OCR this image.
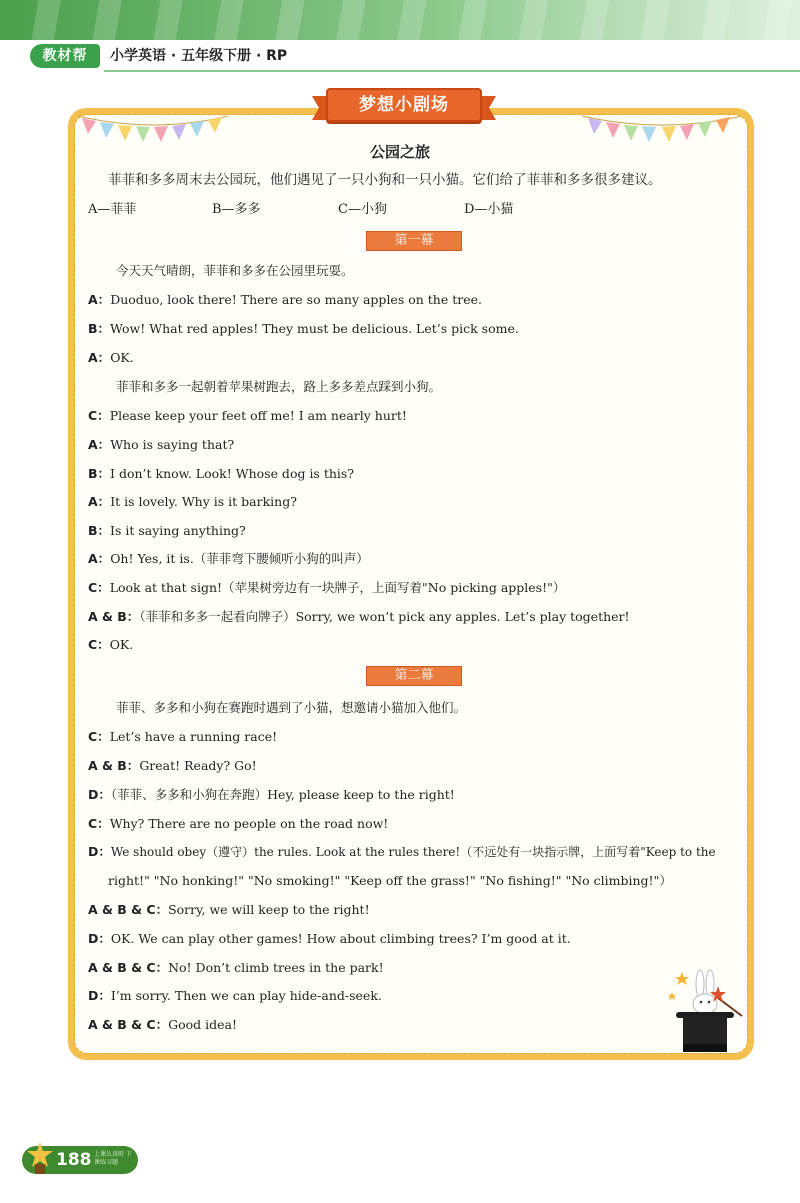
教材帮	小学英语 · 五年级下册 · RP
梦想小剧场
公园之旅
菲菲和多多周末去公园玩，他们遇见了一只小狗和一只小猫。它们给了菲菲和多多很多建议。
A—菲菲	B—多多	C—小狗	D—小猫
第一幕
今天天气晴朗，菲菲和多多在公园里玩耍。
A：Duoduo, look there! There are so many apples on the tree.
B：Wow! What red apples! They must be delicious. Let’s pick some.
A：OK.
菲菲和多多一起朝着苹果树跑去，路上多多差点踩到小狗。
C：Please keep your feet off me! I am nearly hurt!
A：Who is saying that?
B：I don’t know. Look! Whose dog is this?
A：It is lovely. Why is it barking?
B：Is it saying anything?
A：Oh! Yes, it is.（菲菲弯下腰倾听小狗的叫声）
C：Look at that sign!（苹果树旁边有一块牌子，上面写着"No picking apples!"）
A & B：（菲菲和多多一起看向牌子）Sorry, we won’t pick any apples. Let’s play together!
C：OK.
第二幕
菲菲、多多和小狗在赛跑时遇到了小猫，想邀请小猫加入他们。
C：Let’s have a running race!
A & B：Great! Ready? Go!
D：（菲菲、多多和小狗在奔跑）Hey, please keep to the right!
C：Why? There are no people on the road now!
D：We should obey（遵守）the rules. Look at the rules there!（不远处有一块指示牌，上面写着"Keep to the
right!" "No honking!" "No smoking!" "Keep off the grass!" "No fishing!" "No climbing!"）
A & B & C：Sorry, we will keep to the right!
D：OK. We can play other games! How about climbing trees? I’m good at it.
A & B & C：No! Don’t climb trees in the park!
D：I’m sorry. Then we can play hide-and-seek.
A & B & C：Good idea!
188 上课认真听 下课练习题
